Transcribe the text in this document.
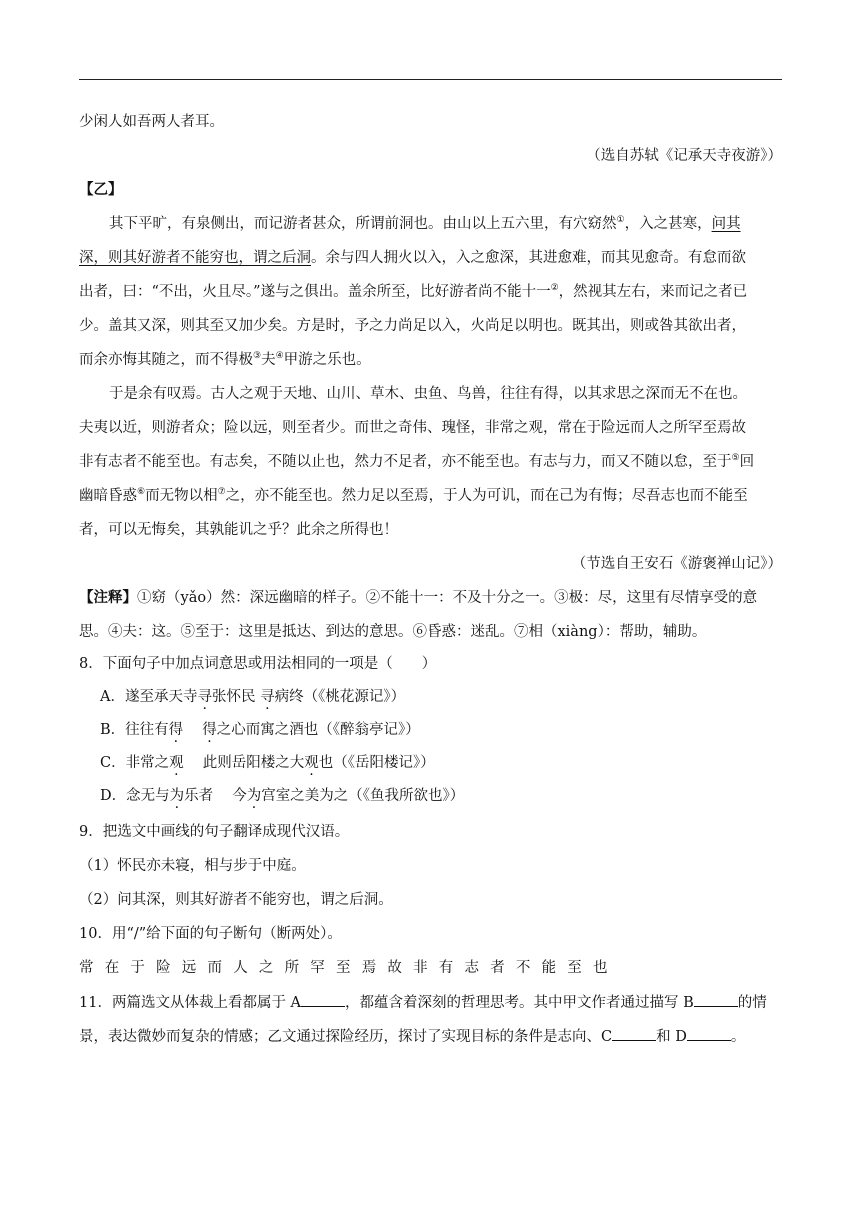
少闲人如吾两人者耳。
（选自苏轼《记承天寺夜游》）
【乙】
其下平旷，有泉侧出，而记游者甚众，所谓前洞也。由山以上五六里，有穴窈然①，入之甚寒，问其
深，则其好游者不能穷也，谓之后洞。余与四人拥火以入，入之愈深，其进愈难，而其见愈奇。有怠而欲
出者，曰：“不出，火且尽。”遂与之俱出。盖余所至，比好游者尚不能十一②，然视其左右，来而记之者已
少。盖其又深，则其至又加少矣。方是时，予之力尚足以入，火尚足以明也。既其出，则或咎其欲出者，
而余亦悔其随之，而不得极③夫④甲游之乐也。
于是余有叹焉。古人之观于天地、山川、草木、虫鱼、鸟兽，往往有得，以其求思之深而无不在也。
夫夷以近，则游者众；险以远，则至者少。而世之奇伟、瑰怪，非常之观，常在于险远而人之所罕至焉故
非有志者不能至也。有志矣，不随以止也，然力不足者，亦不能至也。有志与力，而又不随以怠，至于⑤回
幽暗昏惑⑥而无物以相⑦之，亦不能至也。然力足以至焉，于人为可讥，而在己为有悔；尽吾志也而不能至
者，可以无悔矣，其孰能讥之乎？此余之所得也！
（节选自王安石《游褒禅山记》）
【注释】①窈（yǎo）然：深远幽暗的样子。②不能十一：不及十分之一。③极：尽，这里有尽情享受的意
思。④夫：这。⑤至于：这里是抵达、到达的意思。⑥昏惑：迷乱。⑦相（xiàng）：帮助，辅助。
8．下面句子中加点词意思或用法相同的一项是（　　）
A．遂至承天寺寻张怀民 寻病终（《桃花源记》）
B．往往有得　 得之心而寓之酒也（《醉翁亭记》）
C．非常之观　 此则岳阳楼之大观也（《岳阳楼记》）
D．念无与为乐者　 今为宫室之美为之（《鱼我所欲也》）
9．把选文中画线的句子翻译成现代汉语。
（1）怀民亦未寝，相与步于中庭。
（2）问其深，则其好游者不能穷也，谓之后洞。
10．用“/”给下面的句子断句（断两处）。
常在于险远而人之所罕至焉故非有志者不能至也
11．两篇选文从体裁上看都属于 A	，都蕴含着深刻的哲理思考。其中甲文作者通过描写 B	的情
景，表达微妙而复杂的情感；乙文通过探险经历，探讨了实现目标的条件是志向、C	和 D	。
